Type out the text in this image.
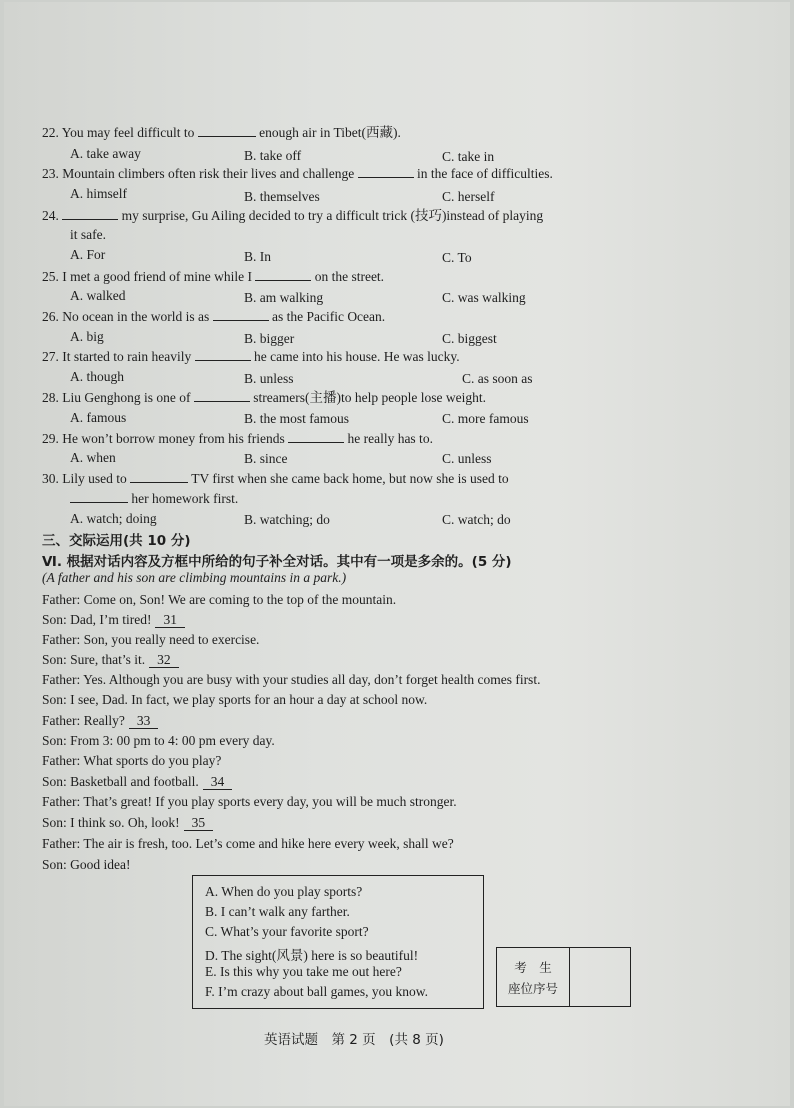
22. You may feel difficult to	enough air in Tibet(西藏).
A. take away	B. take off	C. take in
23. Mountain climbers often risk their lives and challenge	in the face of difficulties.
A. himself	B. themselves	C. herself
24.	my surprise, Gu Ailing decided to try a difficult trick (技巧)instead of playing
it safe.
A. For	B. In	C. To
25. I met a good friend of mine while I	on the street.
A. walked	B. am walking	C. was walking
26. No ocean in the world is as	as the Pacific Ocean.
A. big	B. bigger	C. biggest
27. It started to rain heavily	he came into his house. He was lucky.
A. though	B. unless	C. as soon as
28. Liu Genghong is one of	streamers(主播)to help people lose weight.
A. famous	B. the most famous	C. more famous
29. He won’t borrow money from his friends	he really has to.
A. when	B. since	C. unless
30. Lily used to	TV first when she came back home, but now she is used to
her homework first.
A. watch; doing	B. watching; do	C. watch; do
三、交际运用(共 10 分)
Ⅵ. 根据对话内容及方框中所给的句子补全对话。其中有一项是多余的。(5 分)
(A father and his son are climbing mountains in a park.)
Father: Come on, Son! We are coming to the top of the mountain.
Son: Dad, I’m tired! 31
Father: Son, you really need to exercise.
Son: Sure, that’s it. 32
Father: Yes. Although you are busy with your studies all day, don’t forget health comes first.
Son: I see, Dad. In fact, we play sports for an hour a day at school now.
Father: Really? 33
Son: From 3: 00 pm to 4: 00 pm every day.
Father: What sports do you play?
Son: Basketball and football. 34
Father: That’s great! If you play sports every day, you will be much stronger.
Son: I think so. Oh, look! 35
Father: The air is fresh, too. Let’s come and hike here every week, shall we?
Son: Good idea!
A. When do you play sports?
B. I can’t walk any farther.
C. What’s your favorite sport?
D. The sight(风景) here is so beautiful!
E. Is this why you take me out here?
F. I’m crazy about ball games, you know.
考　生
座位序号
英语试题　第 2 页　(共 8 页)
